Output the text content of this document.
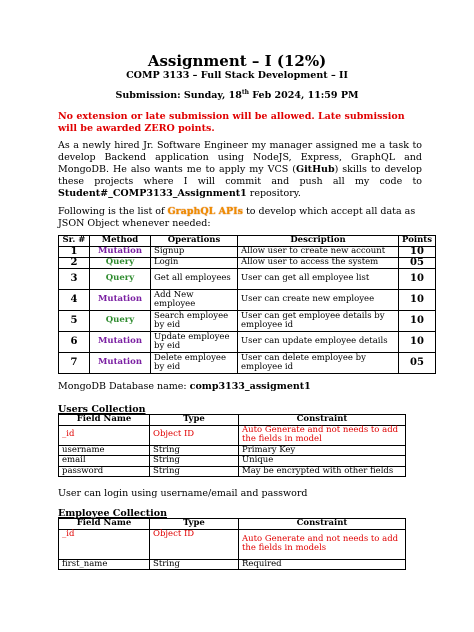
Assignment – I (12%)
COMP 3133 – Full Stack Development – II
Submission: Sunday, 18th Feb 2024, 11:59 PM
No extension or late submission will be allowed. Late submission will be awarded ZERO points.
As a newly hired Jr. Software Engineer my manager assigned me a task to develop Backend application using NodeJS, Express, GraphQL and MongoDB. He also wants me to apply my VCS (GitHub) skills to develop these projects where I will commit and push all my code to Student#_COMP3133_Assignment1 repository.
Following is the list of GraphQL APIs to develop which accept all data as JSON Object whenever needed:
Sr. #	Method	Operations	Description	Points
1	Mutation	Signup	Allow user to create new account	10
2	Query	Login	Allow user to access the system	05
3	Query	Get all employees	User can get all employee list	10
4	Mutation	Add New employee	User can create new employee	10
5	Query	Search employee by eid	User can get employee details by employee id	10
6	Mutation	Update employee by eid	User can update employee details	10
7	Mutation	Delete employee by eid	User can delete employee by employee id	05
MongoDB Database name: comp3133_assigment1
Users Collection
Field Name	Type	Constraint
_id	Object ID	Auto Generate and not needs to add the fields in model
username	String	Primary Key
email	String	Unique
password	String	May be encrypted with other fields
User can login using username/email and password
Employee Collection
Field Name	Type	Constraint
_id	Object ID	Auto Generate and not needs to add the fields in models
first_name	String	Required
